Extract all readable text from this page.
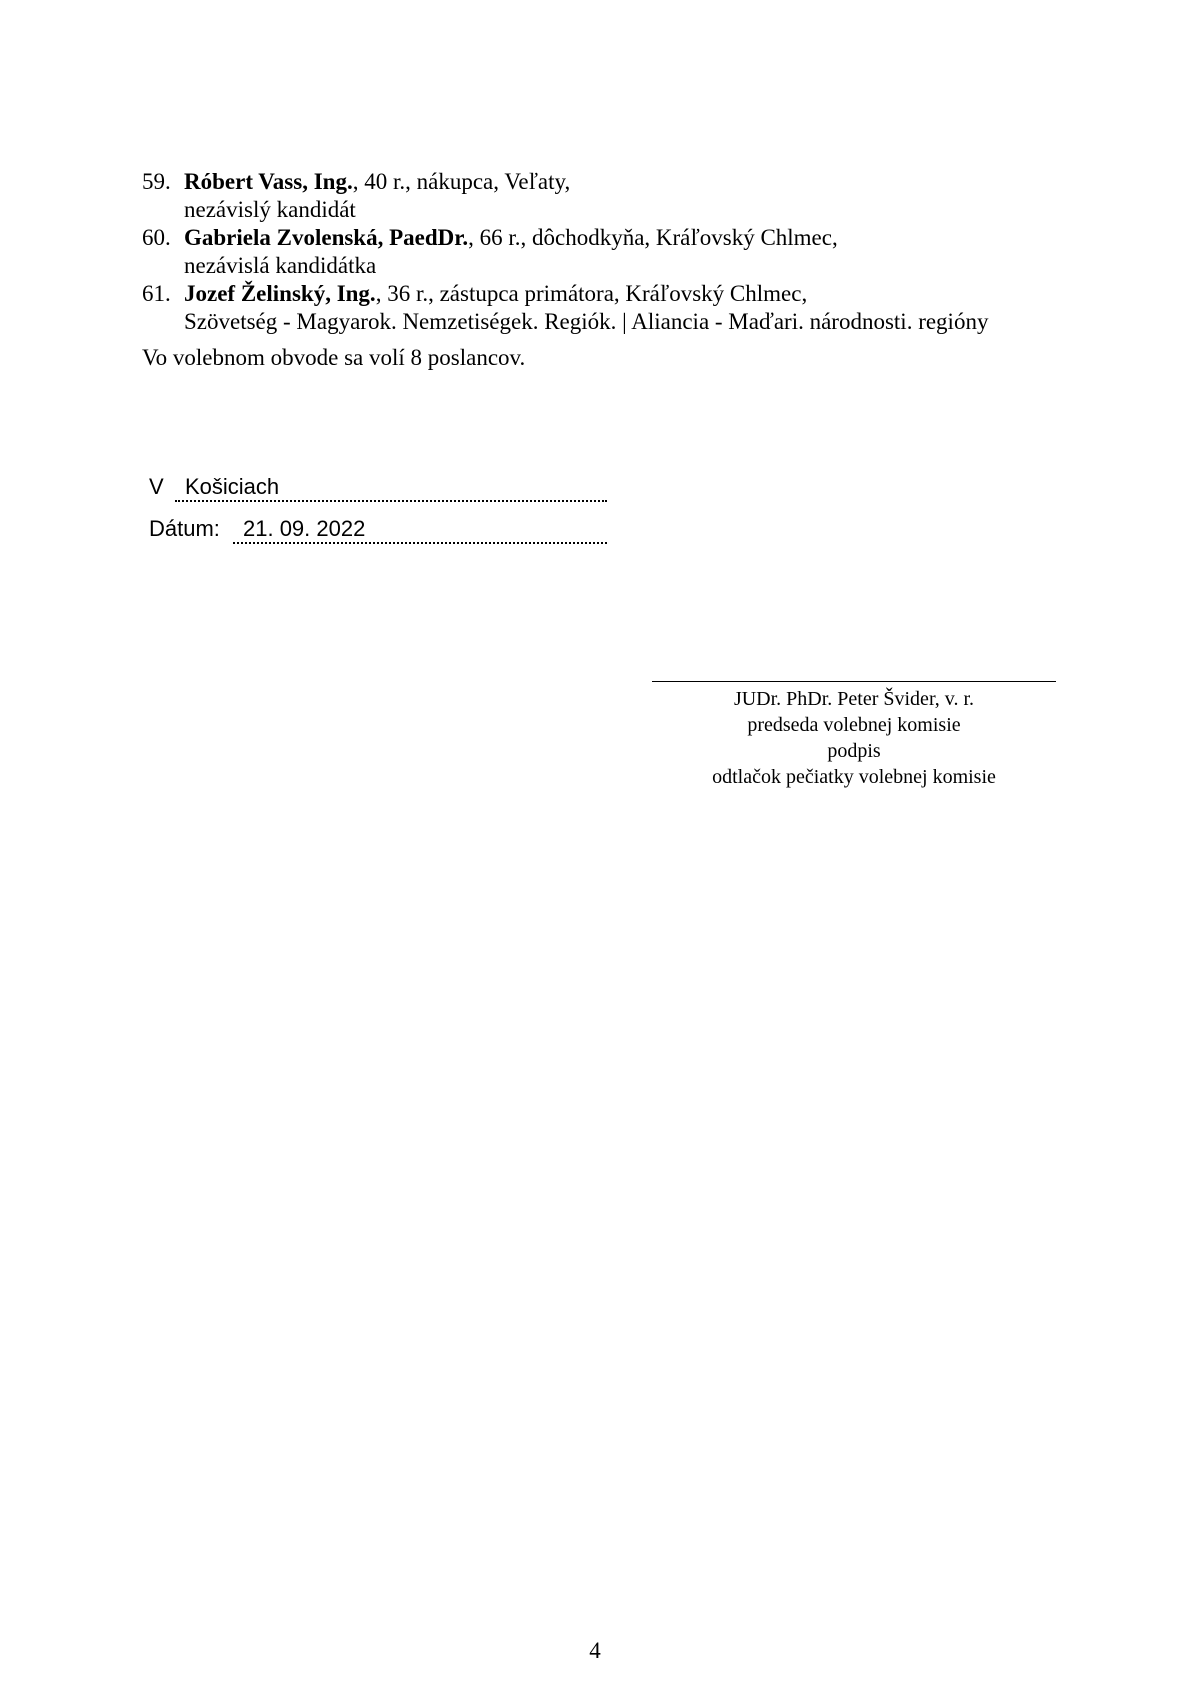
59. Róbert Vass, Ing., 40 r., nákupca, Veľaty,
nezávislý kandidát
60. Gabriela Zvolenská, PaedDr., 66 r., dôchodkyňa, Kráľovský Chlmec,
nezávislá kandidátka
61. Jozef Želinský, Ing., 36 r., zástupca primátora, Kráľovský Chlmec,
Szövetség - Magyarok. Nemzetiségek. Regiók. | Aliancia - Maďari. národnosti. regióny
Vo volebnom obvode sa volí 8 poslancov.
V Košiciach
Dátum: 21. 09. 2022
JUDr. PhDr. Peter Švider, v. r.
predseda volebnej komisie
podpis
odtlačok pečiatky volebnej komisie
4
